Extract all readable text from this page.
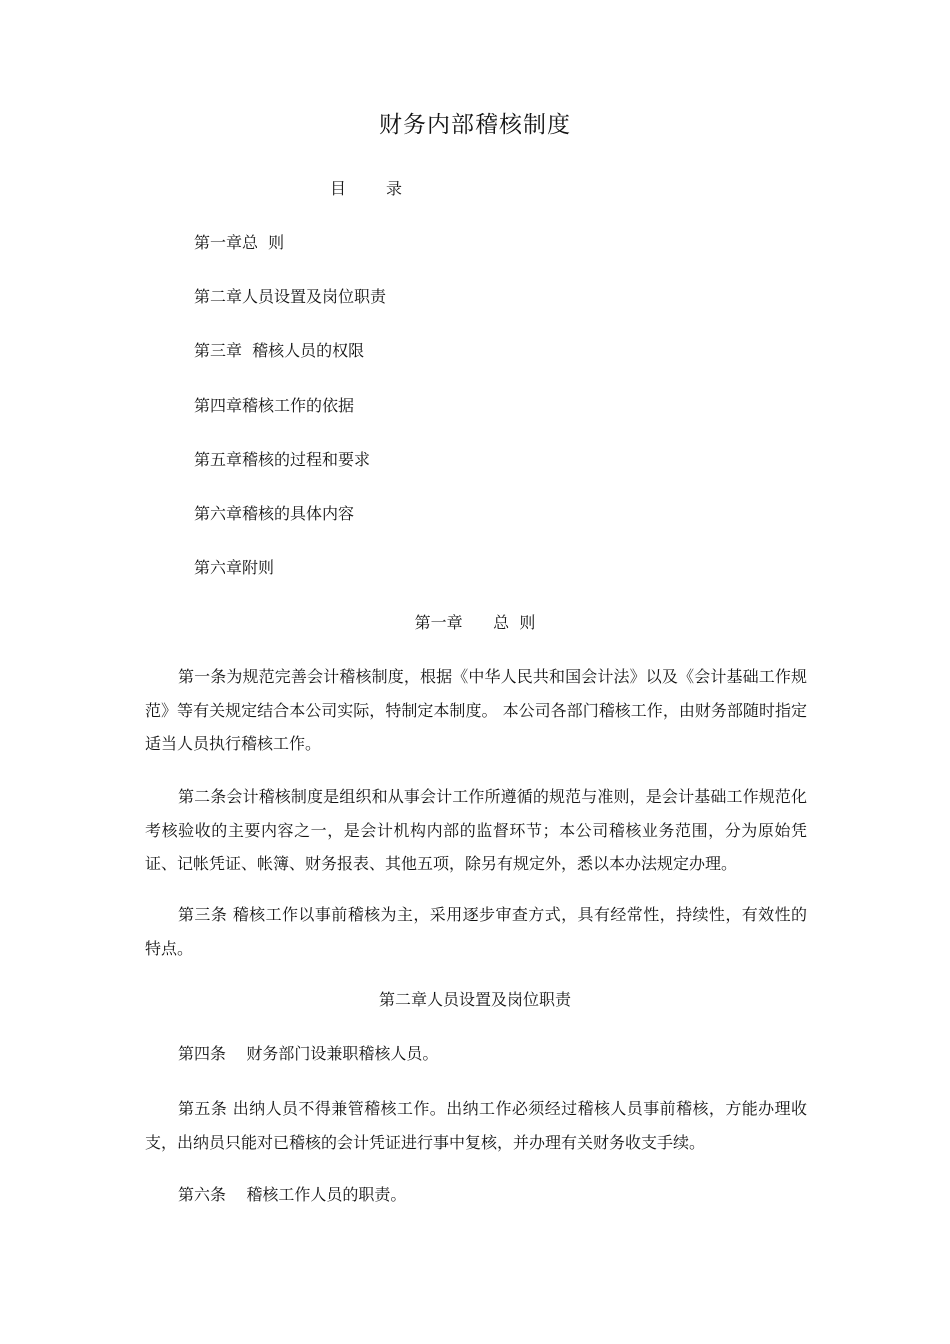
财务内部稽核制度
目	录
第一章总  则
第二章人员设置及岗位职责
第三章  稽核人员的权限
第四章稽核工作的依据
第五章稽核的过程和要求
第六章稽核的具体内容
第六章附则
第一章      总  则
第一条为规范完善会计稽核制度，根据《中华人民共和国会计法》以及《会计基础工作规范》等有关规定结合本公司实际，特制定本制度。 本公司各部门稽核工作，由财务部随时指定适当人员执行稽核工作。
第二条会计稽核制度是组织和从事会计工作所遵循的规范与准则，是会计基础工作规范化考核验收的主要内容之一，是会计机构内部的监督环节；本公司稽核业务范围，分为原始凭证、记帐凭证、帐簿、财务报表、其他五项，除另有规定外，悉以本办法规定办理。
第三条 稽核工作以事前稽核为主，采用逐步审查方式，具有经常性，持续性，有效性的特点。
第二章人员设置及岗位职责
第四条    财务部门设兼职稽核人员。
第五条 出纳人员不得兼管稽核工作。出纳工作必须经过稽核人员事前稽核，方能办理收支，出纳员只能对已稽核的会计凭证进行事中复核，并办理有关财务收支手续。
第六条    稽核工作人员的职责。
